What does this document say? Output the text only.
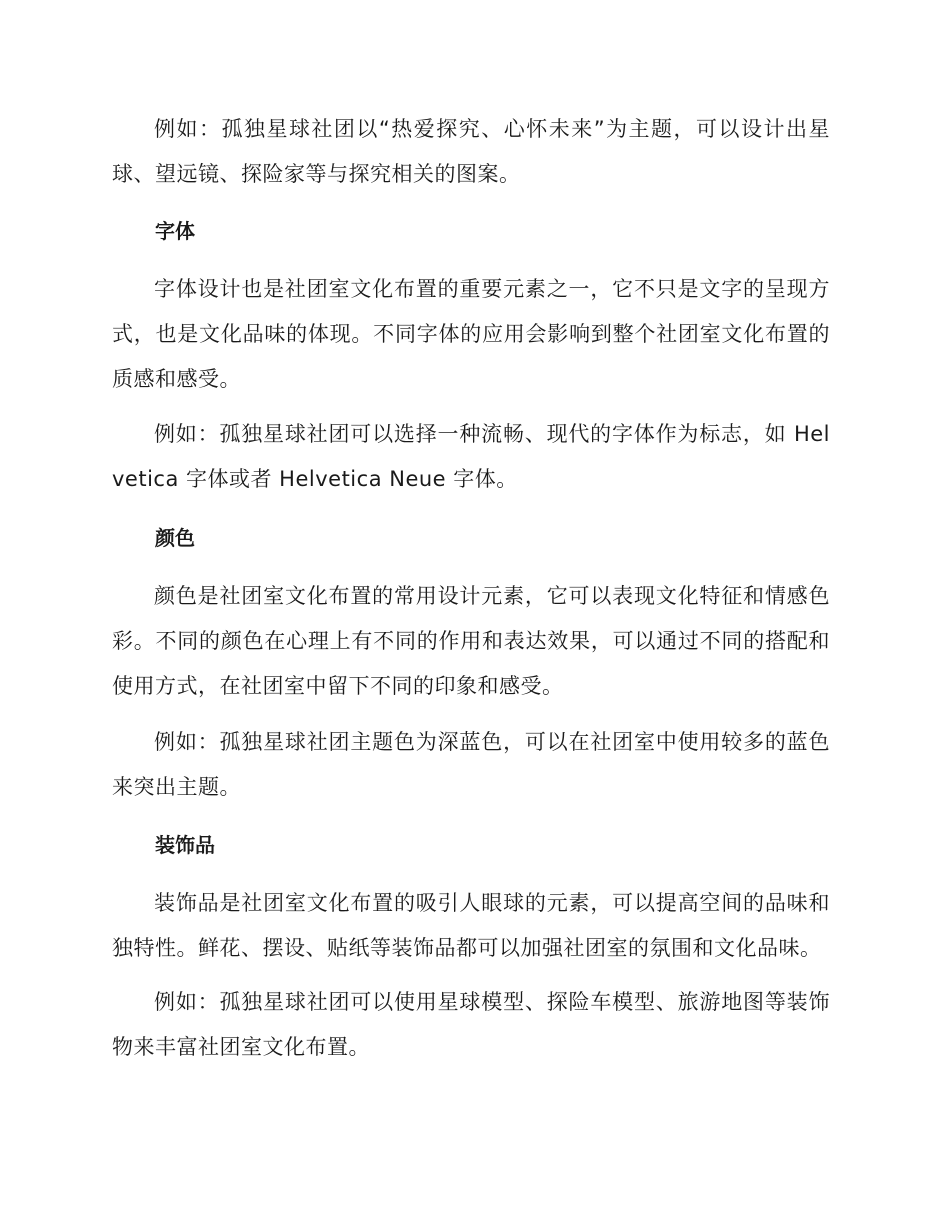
例如：孤独星球社团以“热爱探究、心怀未来”为主题，可以设计出星球、望远镜、探险家等与探究相关的图案。

字体

字体设计也是社团室文化布置的重要元素之一，它不只是文字的呈现方式，也是文化品味的体现。不同字体的应用会影响到整个社团室文化布置的质感和感受。

例如：孤独星球社团可以选择一种流畅、现代的字体作为标志，如 Helvetica 字体或者 Helvetica Neue 字体。

颜色

颜色是社团室文化布置的常用设计元素，它可以表现文化特征和情感色彩。不同的颜色在心理上有不同的作用和表达效果，可以通过不同的搭配和使用方式，在社团室中留下不同的印象和感受。

例如：孤独星球社团主题色为深蓝色，可以在社团室中使用较多的蓝色来突出主题。

装饰品

装饰品是社团室文化布置的吸引人眼球的元素，可以提高空间的品味和独特性。鲜花、摆设、贴纸等装饰品都可以加强社团室的氛围和文化品味。

例如：孤独星球社团可以使用星球模型、探险车模型、旅游地图等装饰物来丰富社团室文化布置。
